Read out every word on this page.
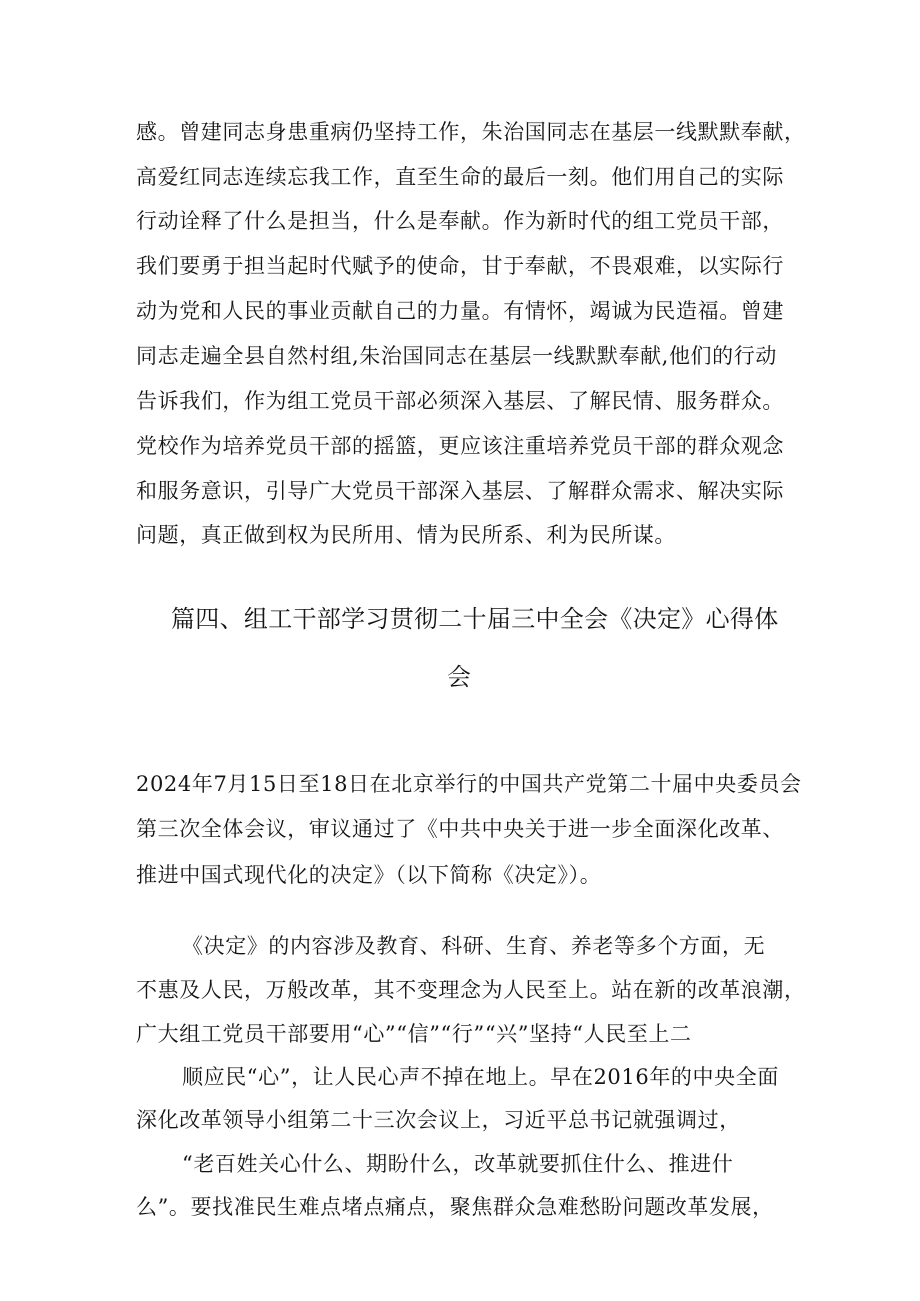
感。曾建同志身患重病仍坚持工作，朱治国同志在基层一线默默奉献，
高爱红同志连续忘我工作，直至生命的最后一刻。他们用自己的实际
行动诠释了什么是担当，什么是奉献。作为新时代的组工党员干部，
我们要勇于担当起时代赋予的使命，甘于奉献，不畏艰难，以实际行
动为党和人民的事业贡献自己的力量。有情怀，竭诚为民造福。曾建
同志走遍全县自然村组,朱治国同志在基层一线默默奉献,他们的行动
告诉我们，作为组工党员干部必须深入基层、了解民情、服务群众。
党校作为培养党员干部的摇篮，更应该注重培养党员干部的群众观念
和服务意识，引导广大党员干部深入基层、了解群众需求、解决实际
问题，真正做到权为民所用、情为民所系、利为民所谋。
篇四、组工干部学习贯彻二十届三中全会《决定》心得体
会
2024年7月15日至18日在北京举行的中国共产党第二十届中央委员会
第三次全体会议，审议通过了《中共中央关于进一步全面深化改革、
推进中国式现代化的决定》（以下简称《决定》）。
《决定》的内容涉及教育、科研、生育、养老等多个方面，无
不惠及人民，万般改革，其不变理念为人民至上。站在新的改革浪潮，
广大组工党员干部要用“心”“信”“行”“兴”坚持“人民至上二
顺应民“心”，让人民心声不掉在地上。早在2016年的中央全面
深化改革领导小组第二十三次会议上，习近平总书记就强调过，
“老百姓关心什么、期盼什么，改革就要抓住什么、推进什
么”。要找准民生难点堵点痛点，聚焦群众急难愁盼问题改革发展，
